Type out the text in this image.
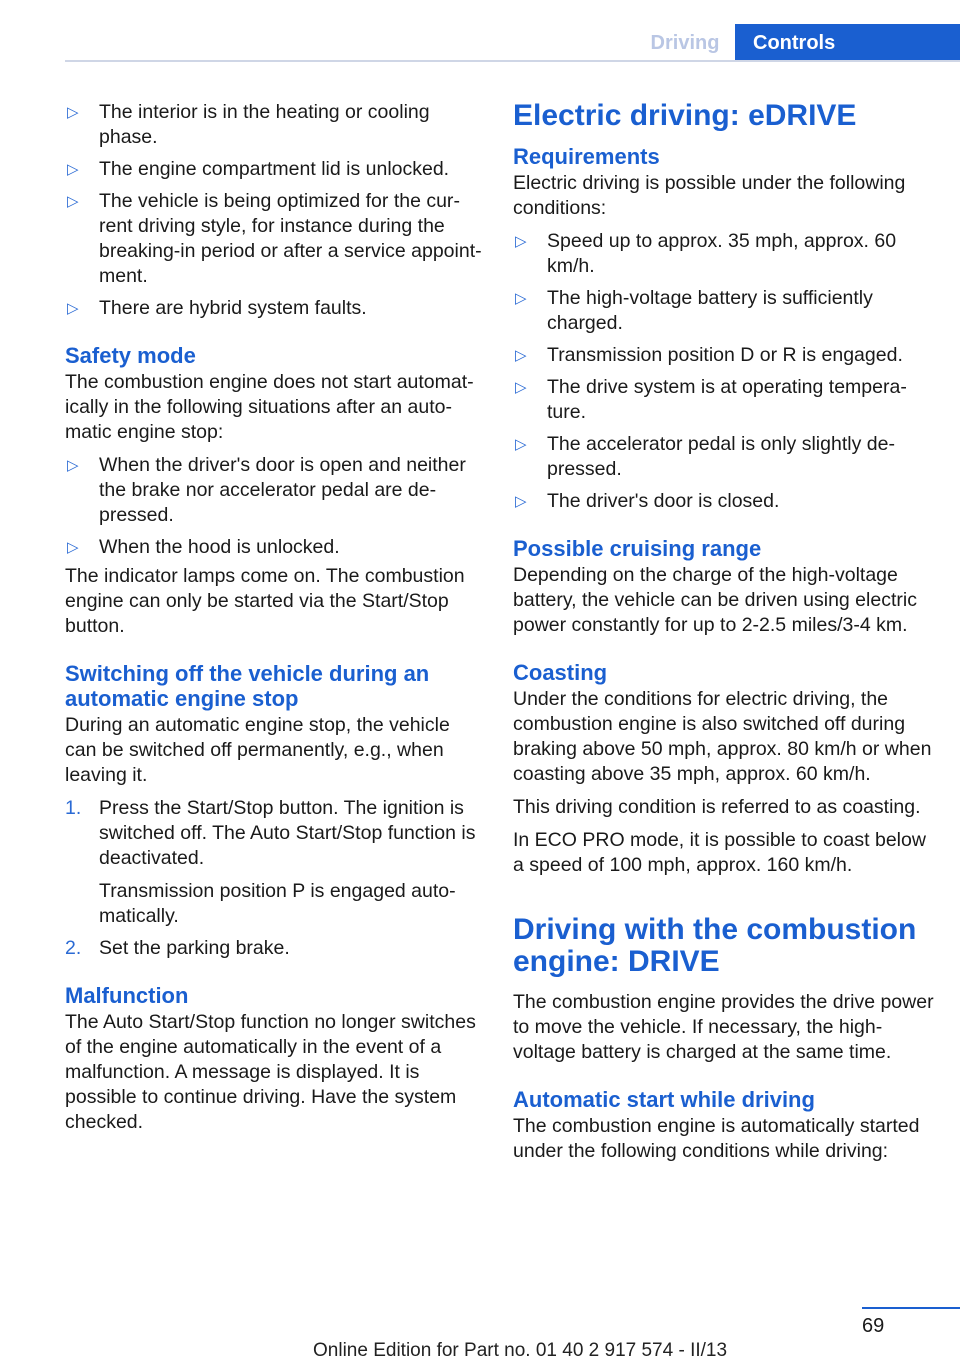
Driving	Controls
▷ The interior is in the heating or cooling phase.
▷ The engine compartment lid is unlocked.
▷ The vehicle is being optimized for the current driving style, for instance during the breaking-in period or after a service appointment.
▷ There are hybrid system faults.
Safety mode

The combustion engine does not start automatically in the following situations after an automatic engine stop:

▷ When the driver's door is open and neither the brake nor accelerator pedal are depressed.
▷ When the hood is unlocked.

The indicator lamps come on. The combustion engine can only be started via the Start/Stop button.

Switching off the vehicle during an automatic engine stop

During an automatic engine stop, the vehicle can be switched off permanently, e.g., when leaving it.

1. Press the Start/Stop button. The ignition is switched off. The Auto Start/Stop function is deactivated.
Transmission position P is engaged automatically.
2. Set the parking brake.
Malfunction

The Auto Start/Stop function no longer switches of the engine automatically in the event of a malfunction. A message is displayed. It is possible to continue driving. Have the system checked.

Electric driving: eDRIVE
Requirements

Electric driving is possible under the following conditions:

▷ Speed up to approx. 35 mph, approx. 60 km/h.
▷ The high-voltage battery is sufficiently charged.
▷ Transmission position D or R is engaged.
▷ The drive system is at operating temperature.
▷ The accelerator pedal is only slightly depressed.
▷ The driver's door is closed.
Possible cruising range

Depending on the charge of the high-voltage battery, the vehicle can be driven using electric power constantly for up to 2-2.5 miles/3-4 km.

Coasting

Under the conditions for electric driving, the combustion engine is also switched off during braking above 50 mph, approx. 80 km/h or when coasting above 35 mph, approx. 60 km/h.

This driving condition is referred to as coasting.

In ECO PRO mode, it is possible to coast below a speed of 100 mph, approx. 160 km/h.

Driving with the combustion engine: DRIVE

The combustion engine provides the drive power to move the vehicle. If necessary, the high-voltage battery is charged at the same time.

Automatic start while driving

The combustion engine is automatically started under the following conditions while driving:

69
Online Edition for Part no. 01 40 2 917 574 - II/13
